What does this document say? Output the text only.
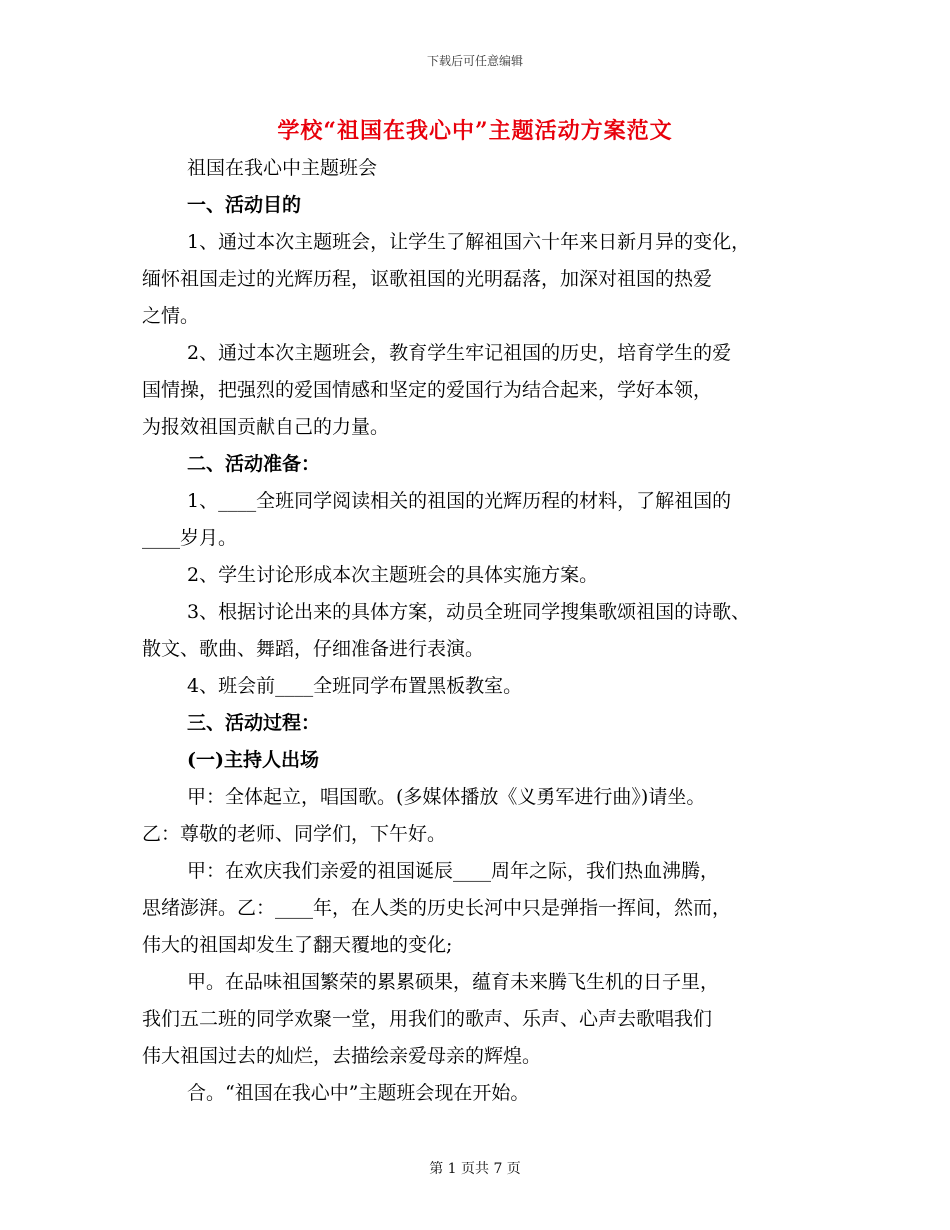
下载后可任意编辑
学校“祖国在我心中”主题活动方案范文

祖国在我心中主题班会

一、活动目的

1、通过本次主题班会，让学生了解祖国六十年来日新月异的变化，

缅怀祖国走过的光辉历程，讴歌祖国的光明磊落，加深对祖国的热爱

之情。

2、通过本次主题班会，教育学生牢记祖国的历史，培育学生的爱

国情操，把强烈的爱国情感和坚定的爱国行为结合起来，学好本领，

为报效祖国贡献自己的力量。

二、活动准备：

1、____全班同学阅读相关的祖国的光辉历程的材料，了解祖国的

____岁月。

2、学生讨论形成本次主题班会的具体实施方案。

3、根据讨论出来的具体方案，动员全班同学搜集歌颂祖国的诗歌、

散文、歌曲、舞蹈，仔细准备进行表演。

4、班会前____全班同学布置黑板教室。

三、活动过程：

(一)主持人出场

甲：全体起立，唱国歌。(多媒体播放《义勇军进行曲》)请坐。

乙：尊敬的老师、同学们，下午好。

甲：在欢庆我们亲爱的祖国诞辰____周年之际，我们热血沸腾，

思绪澎湃。乙：____年，在人类的历史长河中只是弹指一挥间，然而，

伟大的祖国却发生了翻天覆地的变化;

甲。在品味祖国繁荣的累累硕果，蕴育未来腾飞生机的日子里，

我们五二班的同学欢聚一堂，用我们的歌声、乐声、心声去歌唱我们

伟大祖国过去的灿烂，去描绘亲爱母亲的辉煌。

合。“祖国在我心中”主题班会现在开始。

第 1 页共 7 页
